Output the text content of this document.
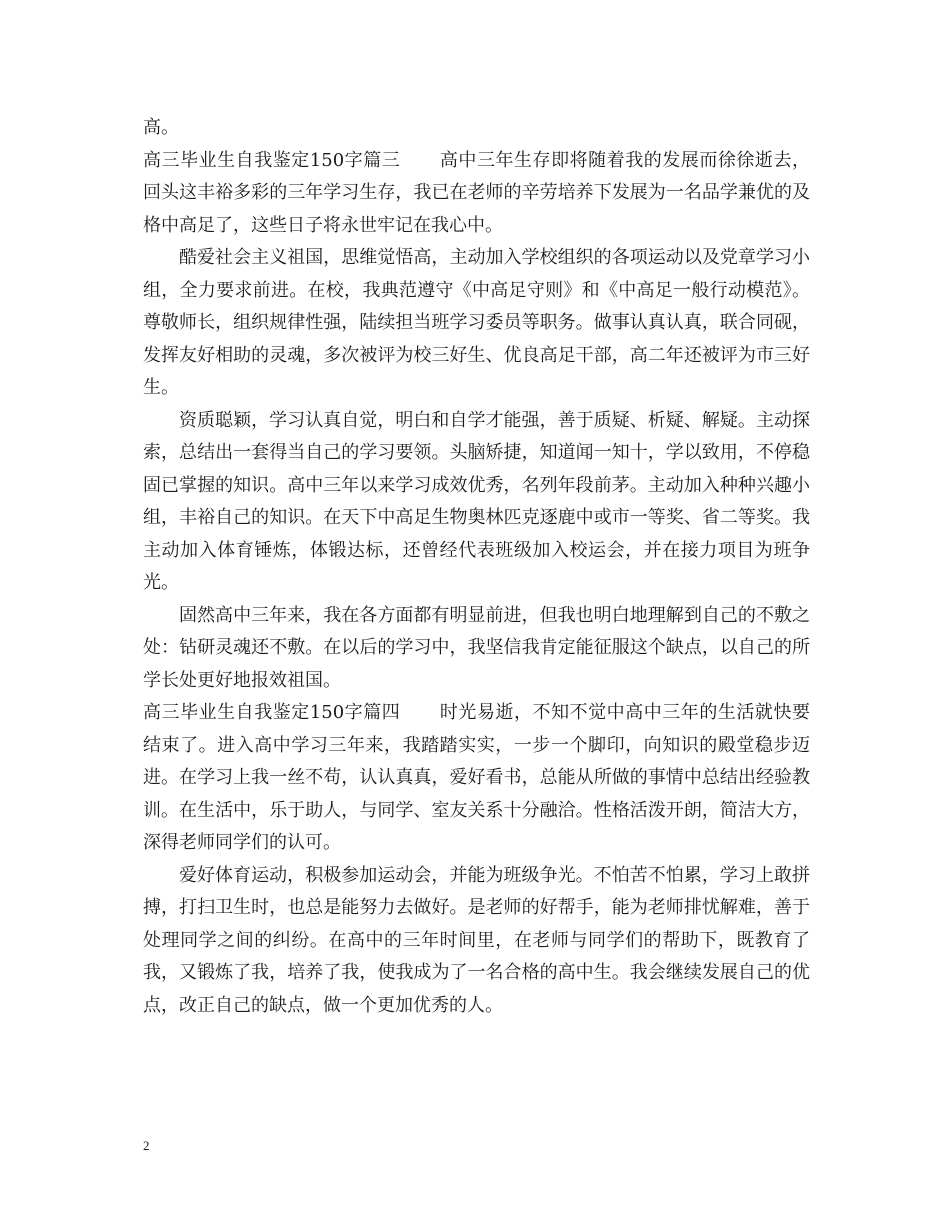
高。

高三毕业生自我鉴定150字篇三 高中三年生存即将随着我的发展而徐徐逝去，回头这丰裕多彩的三年学习生存，我已在老师的辛劳培养下发展为一名品学兼优的及格中高足了，这些日子将永世牢记在我心中。

酷爱社会主义祖国，思维觉悟高，主动加入学校组织的各项运动以及党章学习小组，全力要求前进。在校，我典范遵守《中高足守则》和《中高足一般行动模范》。尊敬师长，组织规律性强，陆续担当班学习委员等职务。做事认真认真，联合同砚，发挥友好相助的灵魂，多次被评为校三好生、优良高足干部，高二年还被评为市三好生。

资质聪颖，学习认真自觉，明白和自学才能强，善于质疑、析疑、解疑。主动探索，总结出一套得当自己的学习要领。头脑矫捷，知道闻一知十，学以致用，不停稳固已掌握的知识。高中三年以来学习成效优秀，名列年段前茅。主动加入种种兴趣小组，丰裕自己的知识。在天下中高足生物奥林匹克逐鹿中或市一等奖、省二等奖。我主动加入体育锤炼，体锻达标，还曾经代表班级加入校运会，并在接力项目为班争光。

固然高中三年来，我在各方面都有明显前进，但我也明白地理解到自己的不敷之处：钻研灵魂还不敷。在以后的学习中，我坚信我肯定能征服这个缺点，以自己的所学长处更好地报效祖国。

高三毕业生自我鉴定150字篇四 时光易逝，不知不觉中高中三年的生活就快要结束了。进入高中学习三年来，我踏踏实实，一步一个脚印，向知识的殿堂稳步迈进。在学习上我一丝不苟，认认真真，爱好看书，总能从所做的事情中总结出经验教训。在生活中，乐于助人，与同学、室友关系十分融洽。性格活泼开朗，简洁大方，深得老师同学们的认可。

爱好体育运动，积极参加运动会，并能为班级争光。不怕苦不怕累，学习上敢拼搏，打扫卫生时，也总是能努力去做好。是老师的好帮手，能为老师排忧解难，善于处理同学之间的纠纷。在高中的三年时间里，在老师与同学们的帮助下，既教育了我，又锻炼了我，培养了我，使我成为了一名合格的高中生。我会继续发展自己的优点，改正自己的缺点，做一个更加优秀的人。

2
